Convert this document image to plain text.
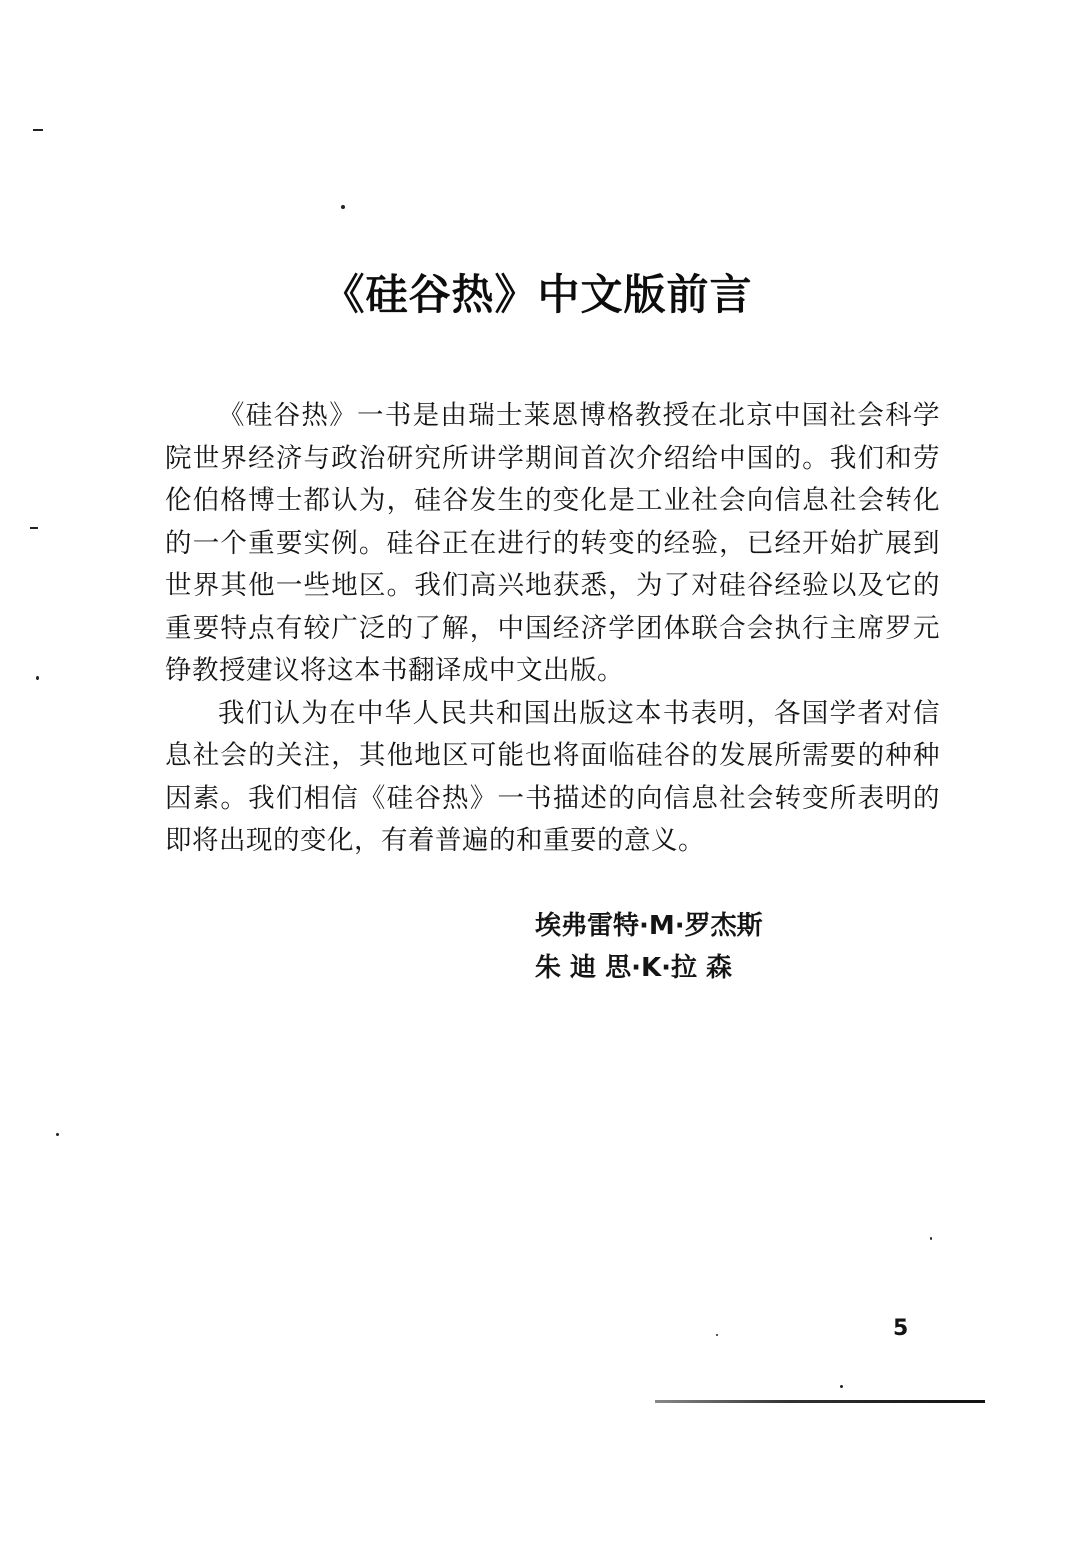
《硅谷热》中文版前言

《硅谷热》一书是由瑞士莱恩博格教授在北京中国社会科学院世界经济与政治研究所讲学期间首次介绍给中国的。我们和劳伦伯格博士都认为，硅谷发生的变化是工业社会向信息社会转化的一个重要实例。硅谷正在进行的转变的经验，已经开始扩展到世界其他一些地区。我们高兴地获悉，为了对硅谷经验以及它的重要特点有较广泛的了解，中国经济学团体联合会执行主席罗元铮教授建议将这本书翻译成中文出版。

我们认为在中华人民共和国出版这本书表明，各国学者对信息社会的关注，其他地区可能也将面临硅谷的发展所需要的种种因素。我们相信《硅谷热》一书描述的向信息社会转变所表明的即将出现的变化，有着普遍的和重要的意义。

埃弗雷特·M·罗杰斯
朱 迪 思·K·拉 森
5
